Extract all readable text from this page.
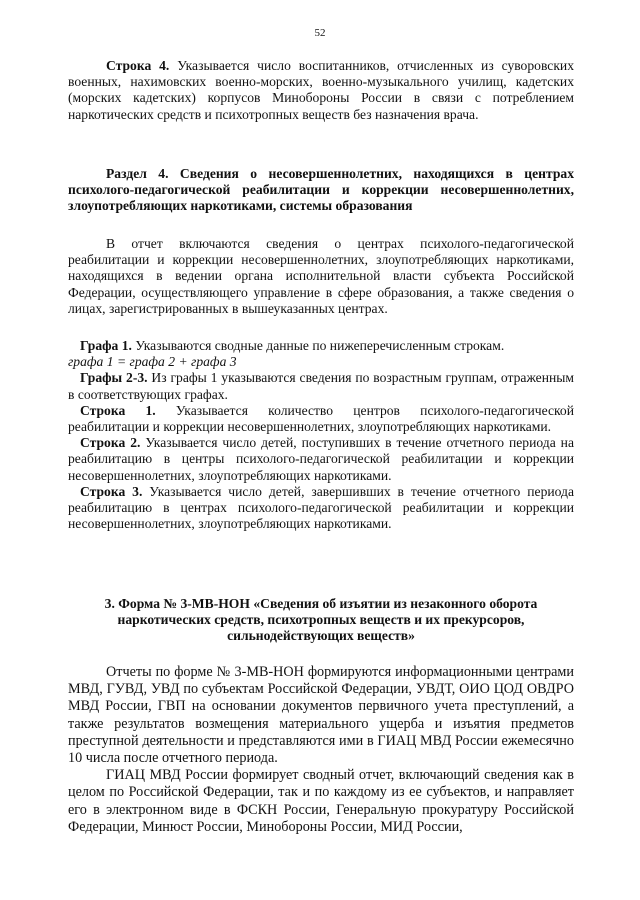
52

Строка 4. Указывается число воспитанников, отчисленных из суворовских военных, нахимовских военно-морских, военно-музыкального училищ, кадетских (морских кадетских) корпусов Минобороны России в связи с потреблением наркотических средств и психотропных веществ без назначения врача.

Раздел 4. Сведения о несовершеннолетних, находящихся в центрах психолого-педагогической реабилитации и коррекции несовершеннолетних, злоупотребляющих наркотиками, системы образования

В отчет включаются сведения о центрах психолого-педагогической реабилитации и коррекции несовершеннолетних, злоупотребляющих наркотиками, находящихся в ведении органа исполнительной власти субъекта Российской Федерации, осуществляющего управление в сфере образования, а также сведения о лицах, зарегистрированных в вышеуказанных центрах.

Графа 1. Указываются сводные данные по нижеперечисленным строкам.

графа 1 = графа 2 + графа 3

Графы 2-3. Из графы 1 указываются сведения по возрастным группам, отраженным в соответствующих графах.

Строка 1. Указывается количество центров психолого-педагогической реабилитации и коррекции несовершеннолетних, злоупотребляющих наркотиками.

Строка 2. Указывается число детей, поступивших в течение отчетного периода на реабилитацию в центры психолого-педагогической реабилитации и коррекции несовершеннолетних, злоупотребляющих наркотиками.

Строка 3. Указывается число детей, завершивших в течение отчетного периода реабилитацию в центрах психолого-педагогической реабилитации и коррекции несовершеннолетних, злоупотребляющих наркотиками.

3. Форма № 3-МВ-НОН «Сведения об изъятии из незаконного оборота наркотических средств, психотропных веществ и их прекурсоров, сильнодействующих веществ»

Отчеты по форме № 3-МВ-НОН формируются информационными центрами МВД, ГУВД, УВД по субъектам Российской Федерации, УВДТ, ОИО ЦОД ОВДРО МВД России, ГВП на основании документов первичного учета преступлений, а также результатов возмещения материального ущерба и изъятия предметов преступной деятельности и представляются ими в ГИАЦ МВД России ежемесячно 10 числа после отчетного периода.

ГИАЦ МВД России формирует сводный отчет, включающий сведения как в целом по Российской Федерации, так и по каждому из ее субъектов, и направляет его в электронном виде в ФСКН России, Генеральную прокуратуру Российской Федерации, Минюст России, Минобороны России, МИД России,
